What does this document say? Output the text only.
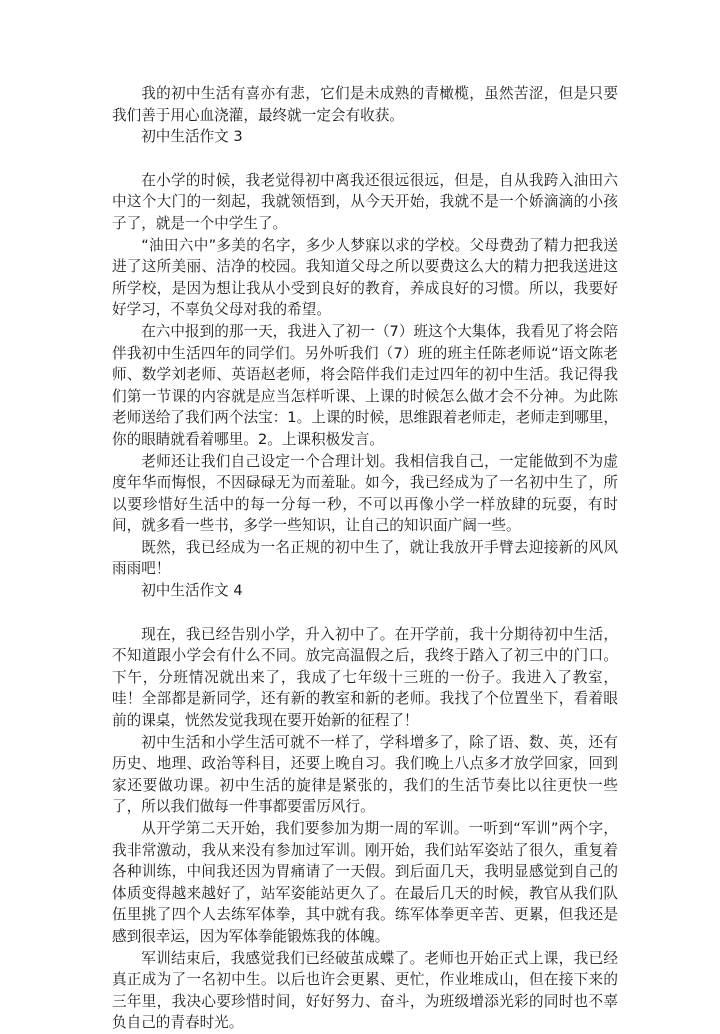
我的初中生活有喜亦有悲，它们是未成熟的青橄榄，虽然苦涩，但是只要我们善于用心血浇灌，最终就一定会有收获。

初中生活作文 3

在小学的时候，我老觉得初中离我还很远很远，但是，自从我跨入油田六中这个大门的一刻起，我就领悟到，从今天开始，我就不是一个娇滴滴的小孩子了，就是一个中学生了。

“油田六中”多美的名字，多少人梦寐以求的学校。父母费劲了精力把我送进了这所美丽、洁净的校园。我知道父母之所以要费这么大的精力把我送进这所学校，是因为想让我从小受到良好的教育，养成良好的习惯。所以，我要好好学习，不辜负父母对我的希望。

在六中报到的那一天，我进入了初一（7）班这个大集体，我看见了将会陪伴我初中生活四年的同学们。另外听我们（7）班的班主任陈老师说“语文陈老师、数学刘老师、英语赵老师，将会陪伴我们走过四年的初中生活。我记得我们第一节课的内容就是应当怎样听课、上课的时候怎么做才会不分神。为此陈老师送给了我们两个法宝：1。上课的时候，思维跟着老师走，老师走到哪里，你的眼睛就看着哪里。2。上课积极发言。

老师还让我们自己设定一个合理计划。我相信我自己，一定能做到不为虚度年华而悔恨，不因碌碌无为而羞耻。如今，我已经成为了一名初中生了，所以要珍惜好生活中的每一分每一秒，不可以再像小学一样放肆的玩耍，有时间，就多看一些书，多学一些知识，让自己的知识面广阔一些。

既然，我已经成为一名正规的初中生了，就让我放开手臂去迎接新的风风雨雨吧！

初中生活作文 4

现在，我已经告别小学，升入初中了。在开学前，我十分期待初中生活，不知道跟小学会有什么不同。放完高温假之后，我终于踏入了初三中的门口。下午，分班情况就出来了，我成了七年级十三班的一份子。我进入了教室，哇！全部都是新同学，还有新的教室和新的老师。我找了个位置坐下，看着眼前的课桌，恍然发觉我现在要开始新的征程了！

初中生活和小学生活可就不一样了，学科增多了，除了语、数、英，还有历史、地理、政治等科目，还要上晚自习。我们晚上八点多才放学回家，回到家还要做功课。初中生活的旋律是紧张的，我们的生活节奏比以往更快一些了，所以我们做每一件事都要雷厉风行。

从开学第二天开始，我们要参加为期一周的军训。一听到“军训”两个字，我非常激动，我从来没有参加过军训。刚开始，我们站军姿站了很久，重复着各种训练，中间我还因为胃痛请了一天假。到后面几天，我明显感觉到自己的体质变得越来越好了，站军姿能站更久了。在最后几天的时候，教官从我们队伍里挑了四个人去练军体拳，其中就有我。练军体拳更辛苦、更累，但我还是感到很幸运，因为军体拳能锻炼我的体魄。

军训结束后，我感觉我们已经破茧成蝶了。老师也开始正式上课，我已经真正成为了一名初中生。以后也许会更累、更忙，作业堆成山，但在接下来的三年里，我决心要珍惜时间，好好努力、奋斗，为班级增添光彩的同时也不辜负自己的青春时光。
